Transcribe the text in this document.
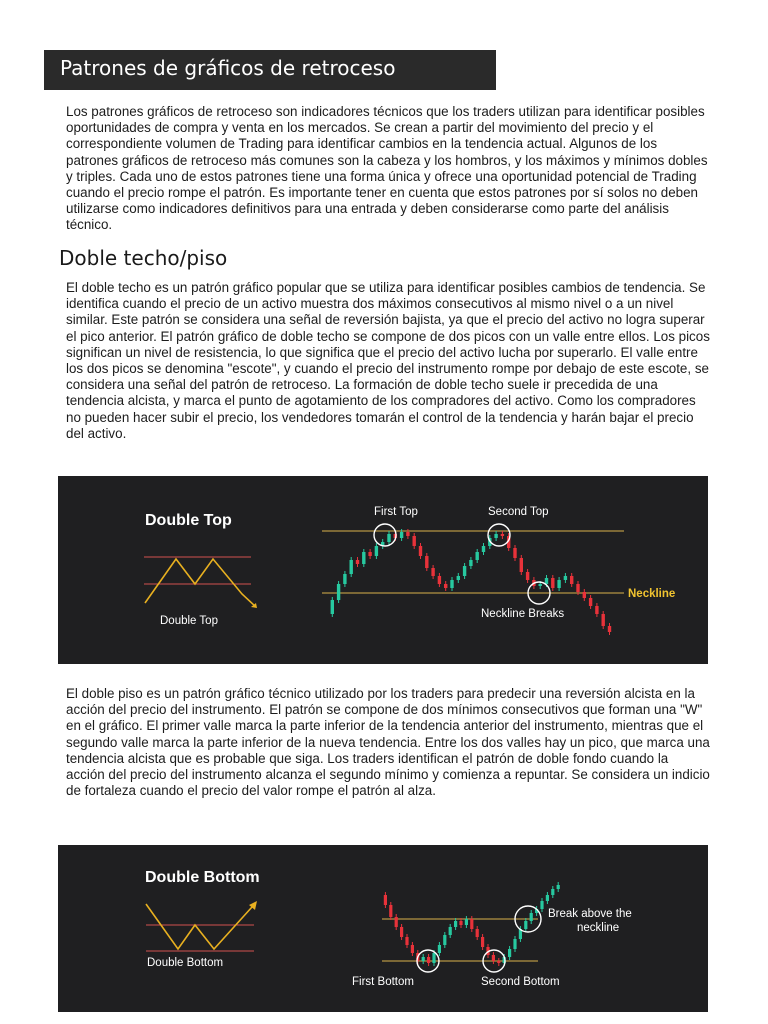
Patrones de gráficos de retroceso

Los patrones gráficos de retroceso son indicadores técnicos que los traders utilizan para identificar posibles oportunidades de compra y venta en los mercados. Se crean a partir del movimiento del precio y el correspondiente volumen de Trading para identificar cambios en la tendencia actual. Algunos de los patrones gráficos de retroceso más comunes son la cabeza y los hombros, y los máximos y mínimos dobles y triples. Cada uno de estos patrones tiene una forma única y ofrece una oportunidad potencial de Trading cuando el precio rompe el patrón. Es importante tener en cuenta que estos patrones por sí solos no deben utilizarse como indicadores definitivos para una entrada y deben considerarse como parte del análisis técnico.

Doble techo/piso

El doble techo es un patrón gráfico popular que se utiliza para identificar posibles cambios de tendencia. Se identifica cuando el precio de un activo muestra dos máximos consecutivos al mismo nivel o a un nivel similar. Este patrón se considera una señal de reversión bajista, ya que el precio del activo no logra superar el pico anterior. El patrón gráfico de doble techo se compone de dos picos con un valle entre ellos. Los picos significan un nivel de resistencia, lo que significa que el precio del activo lucha por superarlo. El valle entre los dos picos se denomina "escote", y cuando el precio del instrumento rompe por debajo de este escote, se considera una señal del patrón de retroceso. La formación de doble techo suele ir precedida de una tendencia alcista, y marca el punto de agotamiento de los compradores del activo. Como los compradores no pueden hacer subir el precio, los vendedores tomarán el control de la tendencia y harán bajar el precio del activo.

Double Top
Double Top
First Top	Second Top
Neckline
Neckline Breaks

El doble piso es un patrón gráfico técnico utilizado por los traders para predecir una reversión alcista en la acción del precio del instrumento. El patrón se compone de dos mínimos consecutivos que forman una "W" en el gráfico. El primer valle marca la parte inferior de la tendencia anterior del instrumento, mientras que el segundo valle marca la parte inferior de la nueva tendencia. Entre los dos valles hay un pico, que marca una tendencia alcista que es probable que siga. Los traders identifican el patrón de doble fondo cuando la acción del precio del instrumento alcanza el segundo mínimo y comienza a repuntar. Se considera un indicio de fortaleza cuando el precio del valor rompe el patrón al alza.

Double Bottom
Double Bottom
First Bottom	Second Bottom
Break above the
neckline
